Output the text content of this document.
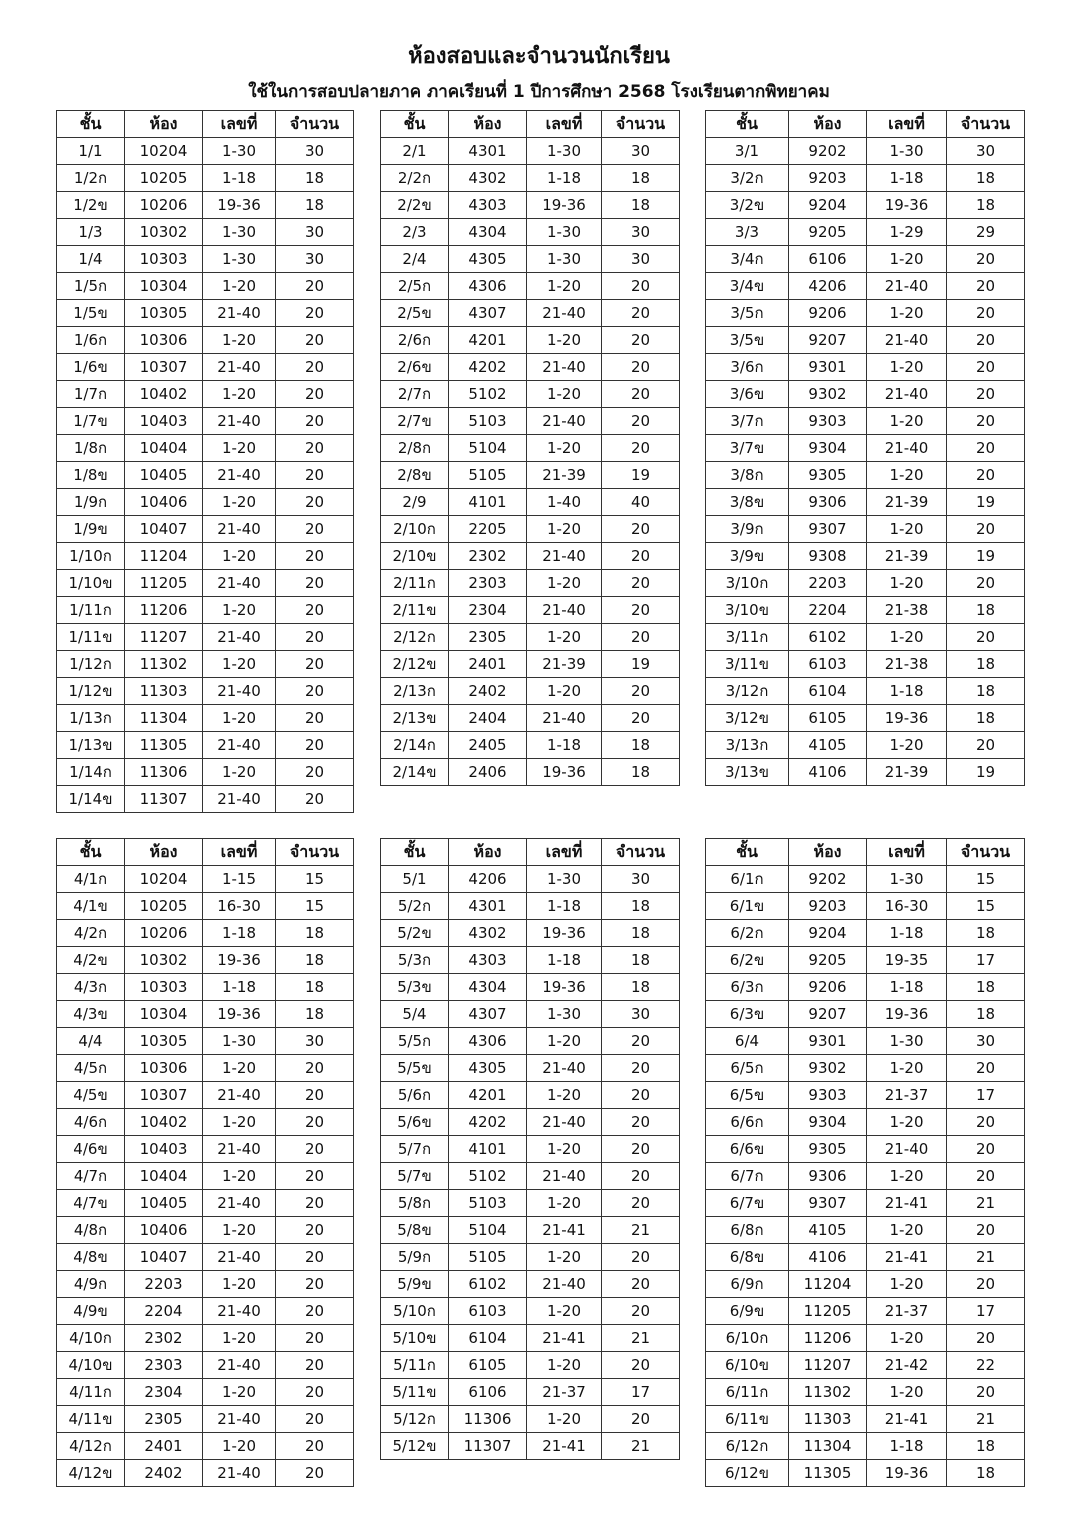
ห้องสอบและจำนวนนักเรียน
ใช้ในการสอบปลายภาค ภาคเรียนที่ 1 ปีการศึกษา 2568 โรงเรียนตากพิทยาคม
ชั้น	ห้อง	เลขที่	จำนวน
1/1	10204	1-30	30
1/2ก	10205	1-18	18
1/2ข	10206	19-36	18
1/3	10302	1-30	30
1/4	10303	1-30	30
1/5ก	10304	1-20	20
1/5ข	10305	21-40	20
1/6ก	10306	1-20	20
1/6ข	10307	21-40	20
1/7ก	10402	1-20	20
1/7ข	10403	21-40	20
1/8ก	10404	1-20	20
1/8ข	10405	21-40	20
1/9ก	10406	1-20	20
1/9ข	10407	21-40	20
1/10ก	11204	1-20	20
1/10ข	11205	21-40	20
1/11ก	11206	1-20	20
1/11ข	11207	21-40	20
1/12ก	11302	1-20	20
1/12ข	11303	21-40	20
1/13ก	11304	1-20	20
1/13ข	11305	21-40	20
1/14ก	11306	1-20	20
1/14ข	11307	21-40	20
ชั้น	ห้อง	เลขที่	จำนวน
2/1	4301	1-30	30
2/2ก	4302	1-18	18
2/2ข	4303	19-36	18
2/3	4304	1-30	30
2/4	4305	1-30	30
2/5ก	4306	1-20	20
2/5ข	4307	21-40	20
2/6ก	4201	1-20	20
2/6ข	4202	21-40	20
2/7ก	5102	1-20	20
2/7ข	5103	21-40	20
2/8ก	5104	1-20	20
2/8ข	5105	21-39	19
2/9	4101	1-40	40
2/10ก	2205	1-20	20
2/10ข	2302	21-40	20
2/11ก	2303	1-20	20
2/11ข	2304	21-40	20
2/12ก	2305	1-20	20
2/12ข	2401	21-39	19
2/13ก	2402	1-20	20
2/13ข	2404	21-40	20
2/14ก	2405	1-18	18
2/14ข	2406	19-36	18
ชั้น	ห้อง	เลขที่	จำนวน
3/1	9202	1-30	30
3/2ก	9203	1-18	18
3/2ข	9204	19-36	18
3/3	9205	1-29	29
3/4ก	6106	1-20	20
3/4ข	4206	21-40	20
3/5ก	9206	1-20	20
3/5ข	9207	21-40	20
3/6ก	9301	1-20	20
3/6ข	9302	21-40	20
3/7ก	9303	1-20	20
3/7ข	9304	21-40	20
3/8ก	9305	1-20	20
3/8ข	9306	21-39	19
3/9ก	9307	1-20	20
3/9ข	9308	21-39	19
3/10ก	2203	1-20	20
3/10ข	2204	21-38	18
3/11ก	6102	1-20	20
3/11ข	6103	21-38	18
3/12ก	6104	1-18	18
3/12ข	6105	19-36	18
3/13ก	4105	1-20	20
3/13ข	4106	21-39	19
ชั้น	ห้อง	เลขที่	จำนวน
4/1ก	10204	1-15	15
4/1ข	10205	16-30	15
4/2ก	10206	1-18	18
4/2ข	10302	19-36	18
4/3ก	10303	1-18	18
4/3ข	10304	19-36	18
4/4	10305	1-30	30
4/5ก	10306	1-20	20
4/5ข	10307	21-40	20
4/6ก	10402	1-20	20
4/6ข	10403	21-40	20
4/7ก	10404	1-20	20
4/7ข	10405	21-40	20
4/8ก	10406	1-20	20
4/8ข	10407	21-40	20
4/9ก	2203	1-20	20
4/9ข	2204	21-40	20
4/10ก	2302	1-20	20
4/10ข	2303	21-40	20
4/11ก	2304	1-20	20
4/11ข	2305	21-40	20
4/12ก	2401	1-20	20
4/12ข	2402	21-40	20
ชั้น	ห้อง	เลขที่	จำนวน
5/1	4206	1-30	30
5/2ก	4301	1-18	18
5/2ข	4302	19-36	18
5/3ก	4303	1-18	18
5/3ข	4304	19-36	18
5/4	4307	1-30	30
5/5ก	4306	1-20	20
5/5ข	4305	21-40	20
5/6ก	4201	1-20	20
5/6ข	4202	21-40	20
5/7ก	4101	1-20	20
5/7ข	5102	21-40	20
5/8ก	5103	1-20	20
5/8ข	5104	21-41	21
5/9ก	5105	1-20	20
5/9ข	6102	21-40	20
5/10ก	6103	1-20	20
5/10ข	6104	21-41	21
5/11ก	6105	1-20	20
5/11ข	6106	21-37	17
5/12ก	11306	1-20	20
5/12ข	11307	21-41	21
ชั้น	ห้อง	เลขที่	จำนวน
6/1ก	9202	1-30	15
6/1ข	9203	16-30	15
6/2ก	9204	1-18	18
6/2ข	9205	19-35	17
6/3ก	9206	1-18	18
6/3ข	9207	19-36	18
6/4	9301	1-30	30
6/5ก	9302	1-20	20
6/5ข	9303	21-37	17
6/6ก	9304	1-20	20
6/6ข	9305	21-40	20
6/7ก	9306	1-20	20
6/7ข	9307	21-41	21
6/8ก	4105	1-20	20
6/8ข	4106	21-41	21
6/9ก	11204	1-20	20
6/9ข	11205	21-37	17
6/10ก	11206	1-20	20
6/10ข	11207	21-42	22
6/11ก	11302	1-20	20
6/11ข	11303	21-41	21
6/12ก	11304	1-18	18
6/12ข	11305	19-36	18
